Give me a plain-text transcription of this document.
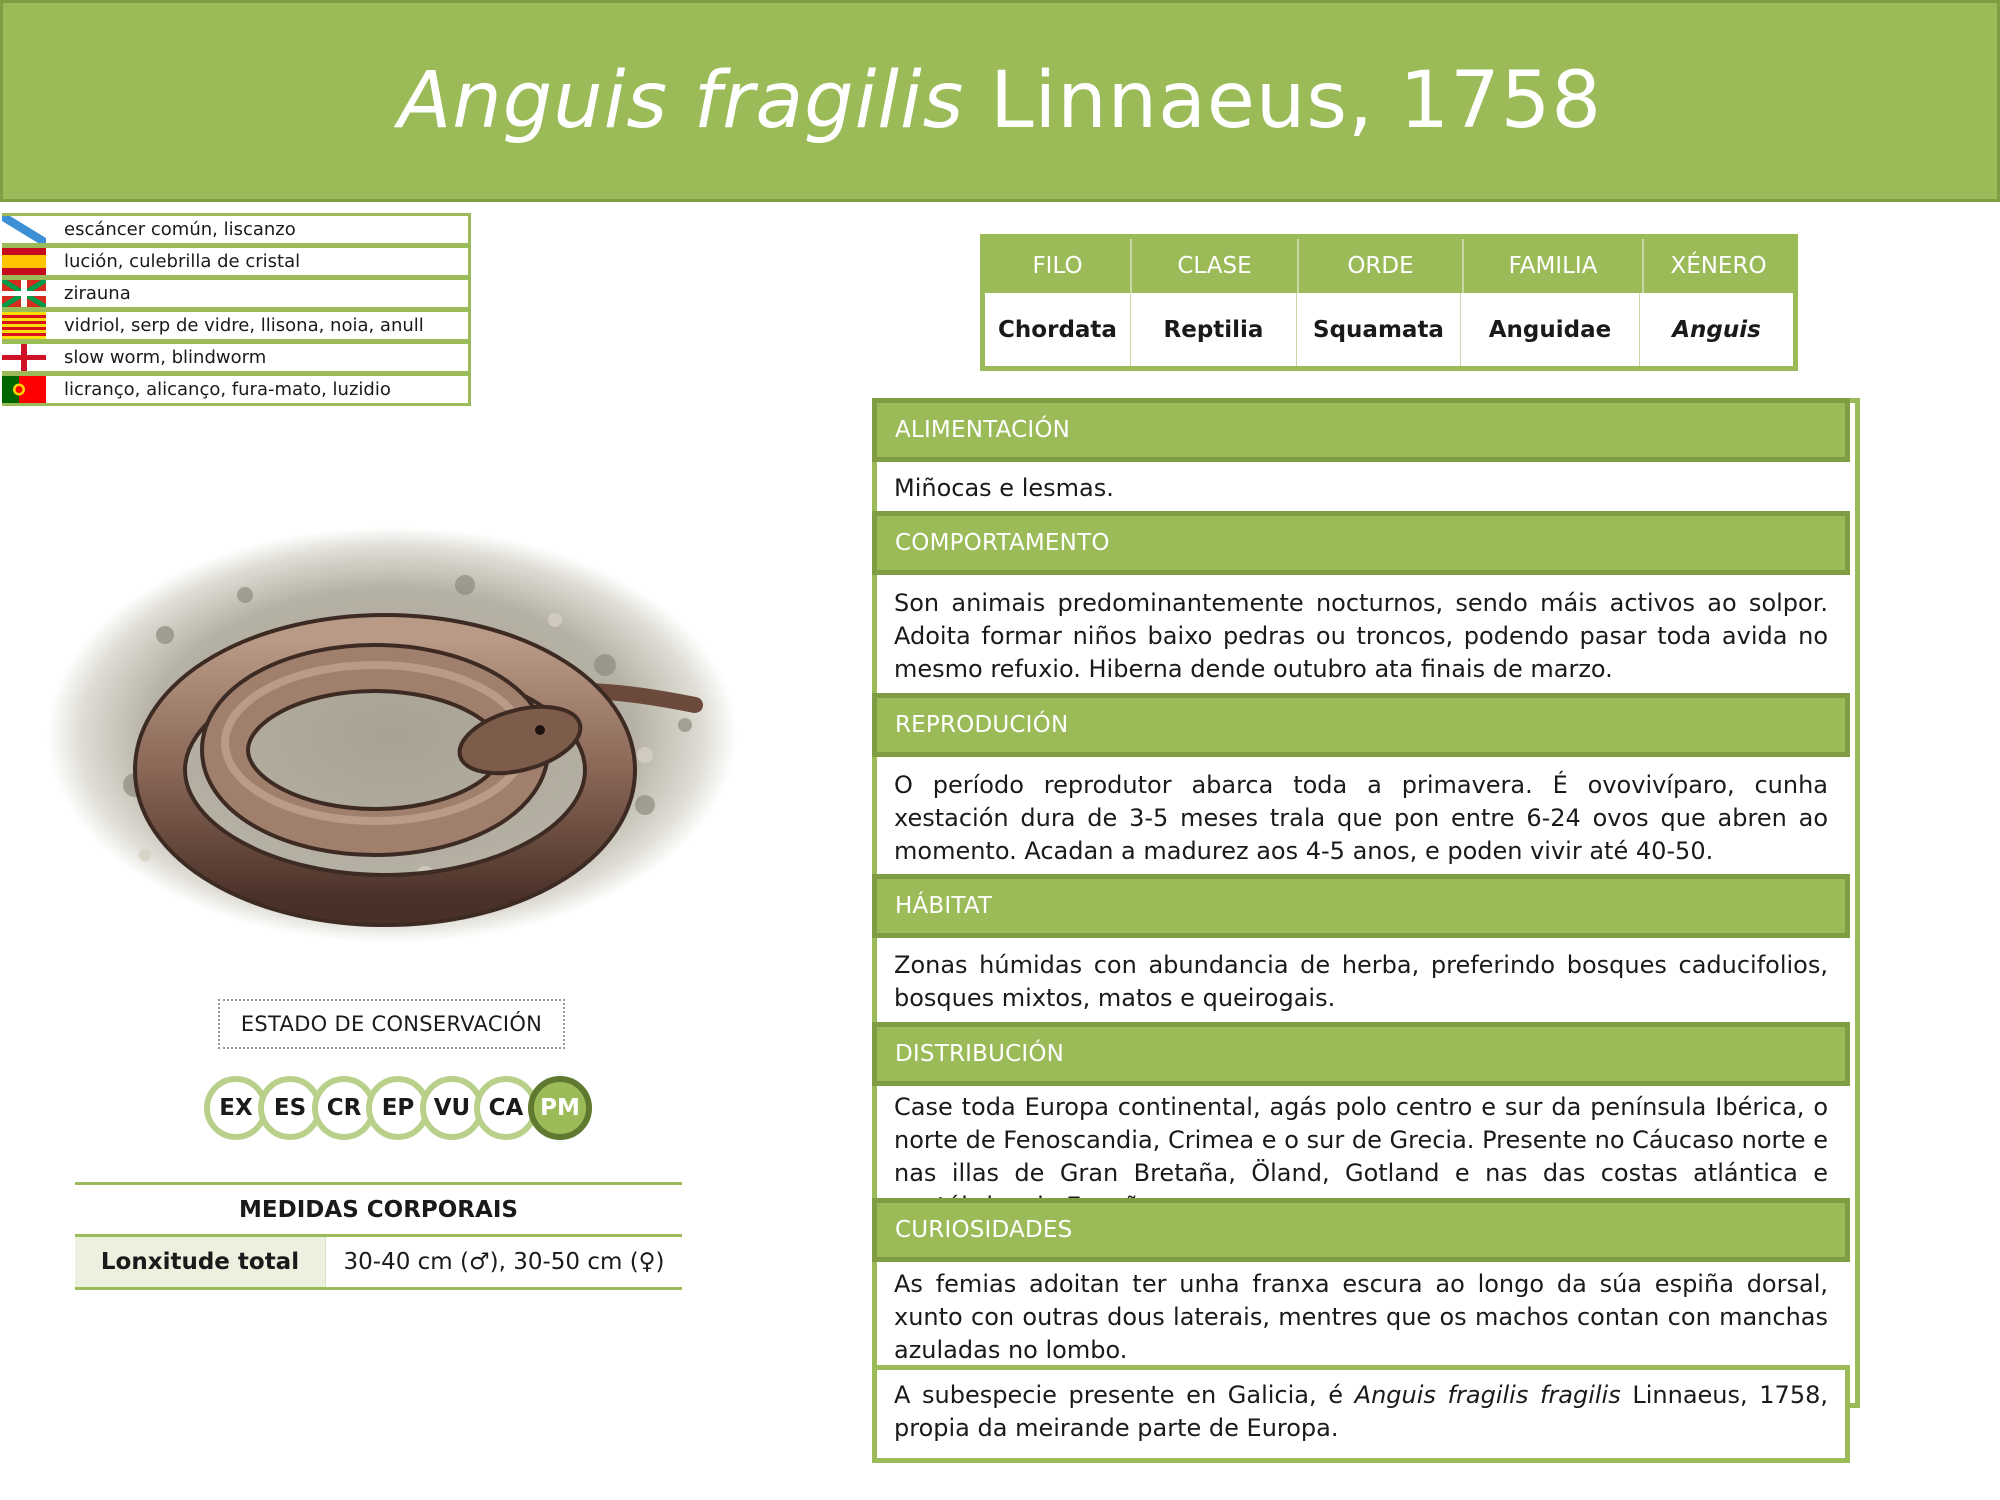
Anguis fragilis Linnaeus, 1758
escáncer común, liscanzo
lución, culebrilla de cristal
zirauna
vidriol, serp de vidre, llisona, noia, anull
slow worm, blindworm
licranço, alicanço, fura-mato, luzidio
ESTADO DE CONSERVACIÓN
EX ES CR EP VU CA PM
MEDIDAS CORPORAIS
Lonxitude total	30-40 cm (♂), 30-50 cm (♀)
FILO	CLASE	ORDE	FAMILIA	XÉNERO
Chordata	Reptilia	Squamata	Anguidae	Anguis
ALIMENTACIÓN
Miñocas e lesmas.
COMPORTAMENTO
Son animais predominantemente nocturnos, sendo máis activos ao solpor. Adoita formar niños baixo pedras ou troncos, podendo pasar toda avida no mesmo refuxio. Hiberna dende outubro ata finais de marzo.
REPRODUCIÓN
O período reprodutor abarca toda a primavera. É ovovivíparo, cunha xestación dura de 3-5 meses trala que pon entre 6-24 ovos que abren ao momento. Acadan a madurez aos 4-5 anos, e poden vivir até 40-50.
HÁBITAT
Zonas húmidas con abundancia de herba, preferindo bosques caducifolios, bosques mixtos, matos e queirogais.
DISTRIBUCIÓN
Case toda Europa continental, agás polo centro e sur da península Ibérica, o norte de Fenoscandia, Crimea e o sur de Grecia. Presente no Cáucaso norte e nas illas de Gran Bretaña, Öland, Gotland e nas das costas atlántica e
CURIOSIDADES
As femias adoitan ter unha franxa escura ao longo da súa espiña dorsal, xunto con outras dous laterais, mentres que os machos contan con manchas azuladas no lombo.
A subespecie presente en Galicia, é Anguis fragilis fragilis Linnaeus, 1758, propia da meirande parte de Europa.
